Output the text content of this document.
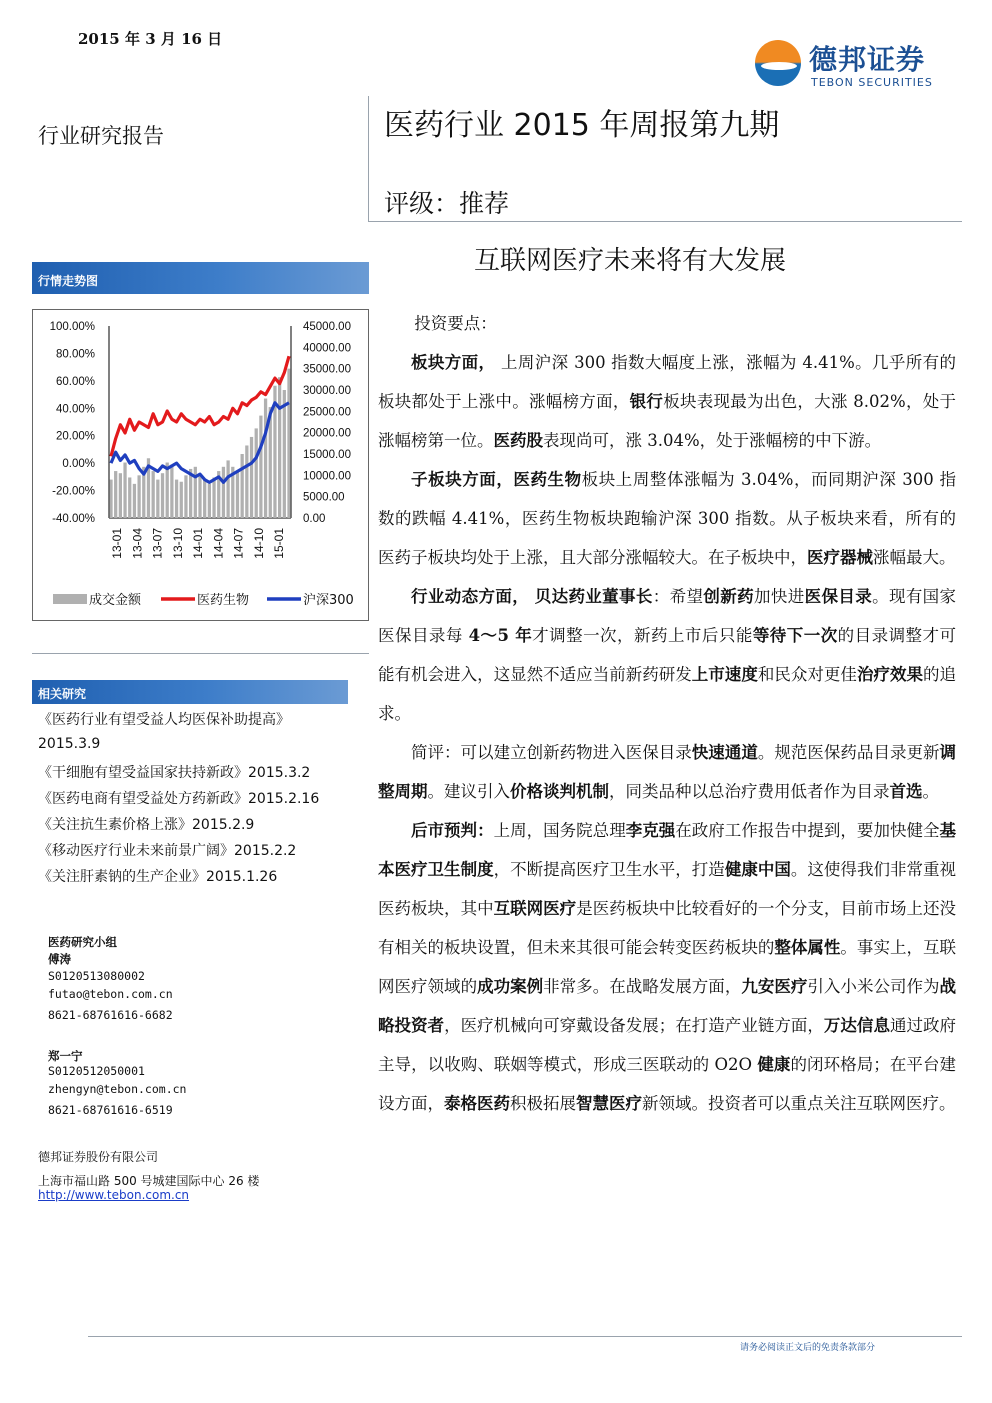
2015 年 3 月 16 日
德邦证券
TEBON SECURITIES
行业研究报告	医药行业 2015 年周报第九期
评级：推荐
互联网医疗未来将有大发展
行情走势图
100.00%
80.00%
60.00%
40.00%
20.00%
0.00%
-20.00%
-40.00%
45000.00
40000.00
35000.00
30000.00
25000.00
20000.00
15000.00
10000.00
5000.00
0.00
13-01 13-04 13-07 13-10 14-01 14-04 14-07 14-10 15-01
成交金额	医药生物	沪深300
相关研究
《医药行业有望受益人均医保补助提高》
2015.3.9
《干细胞有望受益国家扶持新政》2015.3.2
《医药电商有望受益处方药新政》2015.2.16
《关注抗生素价格上涨》2015.2.9
《移动医疗行业未来前景广阔》2015.2.2
《关注肝素钠的生产企业》2015.1.26
医药研究小组
傅涛
S0120513080002
futao@tebon.com.cn
8621-68761616-6682
郑一宁
S0120512050001
zhengyn@tebon.com.cn
8621-68761616-6519
德邦证券股份有限公司
上海市福山路 500 号城建国际中心 26 楼
http://www.tebon.com.cn

投资要点：

板块方面， 上周沪深 300 指数大幅度上涨，涨幅为 4.41%。几乎所有的板块都处于上涨中。涨幅榜方面，银行板块表现最为出色，大涨 8.02%，处于涨幅榜第一位。医药股表现尚可，涨 3.04%，处于涨幅榜的中下游。

子板块方面，医药生物板块上周整体涨幅为 3.04%，而同期沪深 300 指数的跌幅 4.41%，医药生物板块跑输沪深 300 指数。从子板块来看，所有的医药子板块均处于上涨，且大部分涨幅较大。在子板块中，医疗器械涨幅最大。

行业动态方面， 贝达药业董事长：希望创新药加快进医保目录。现有国家医保目录每 4～5 年才调整一次，新药上市后只能等待下一次的目录调整才可能有机会进入，这显然不适应当前新药研发上市速度和民众对更佳治疗效果的追求。

简评：可以建立创新药物进入医保目录快速通道。规范医保药品目录更新调整周期。建议引入价格谈判机制，同类品种以总治疗费用低者作为目录首选。

后市预判：上周，国务院总理李克强在政府工作报告中提到，要加快健全基本医疗卫生制度，不断提高医疗卫生水平，打造健康中国。这使得我们非常重视医药板块，其中互联网医疗是医药板块中比较看好的一个分支，目前市场上还没有相关的板块设置，但未来其很可能会转变医药板块的整体属性。事实上，互联网医疗领域的成功案例非常多。在战略发展方面，九安医疗引入小米公司作为战略投资者，医疗机械向可穿戴设备发展；在打造产业链方面，万达信息通过政府主导，以收购、联姻等模式，形成三医联动的 O2O 健康的闭环格局；在平台建设方面，泰格医药积极拓展智慧医疗新领域。投资者可以重点关注互联网医疗。

请务必阅读正文后的免责条款部分
